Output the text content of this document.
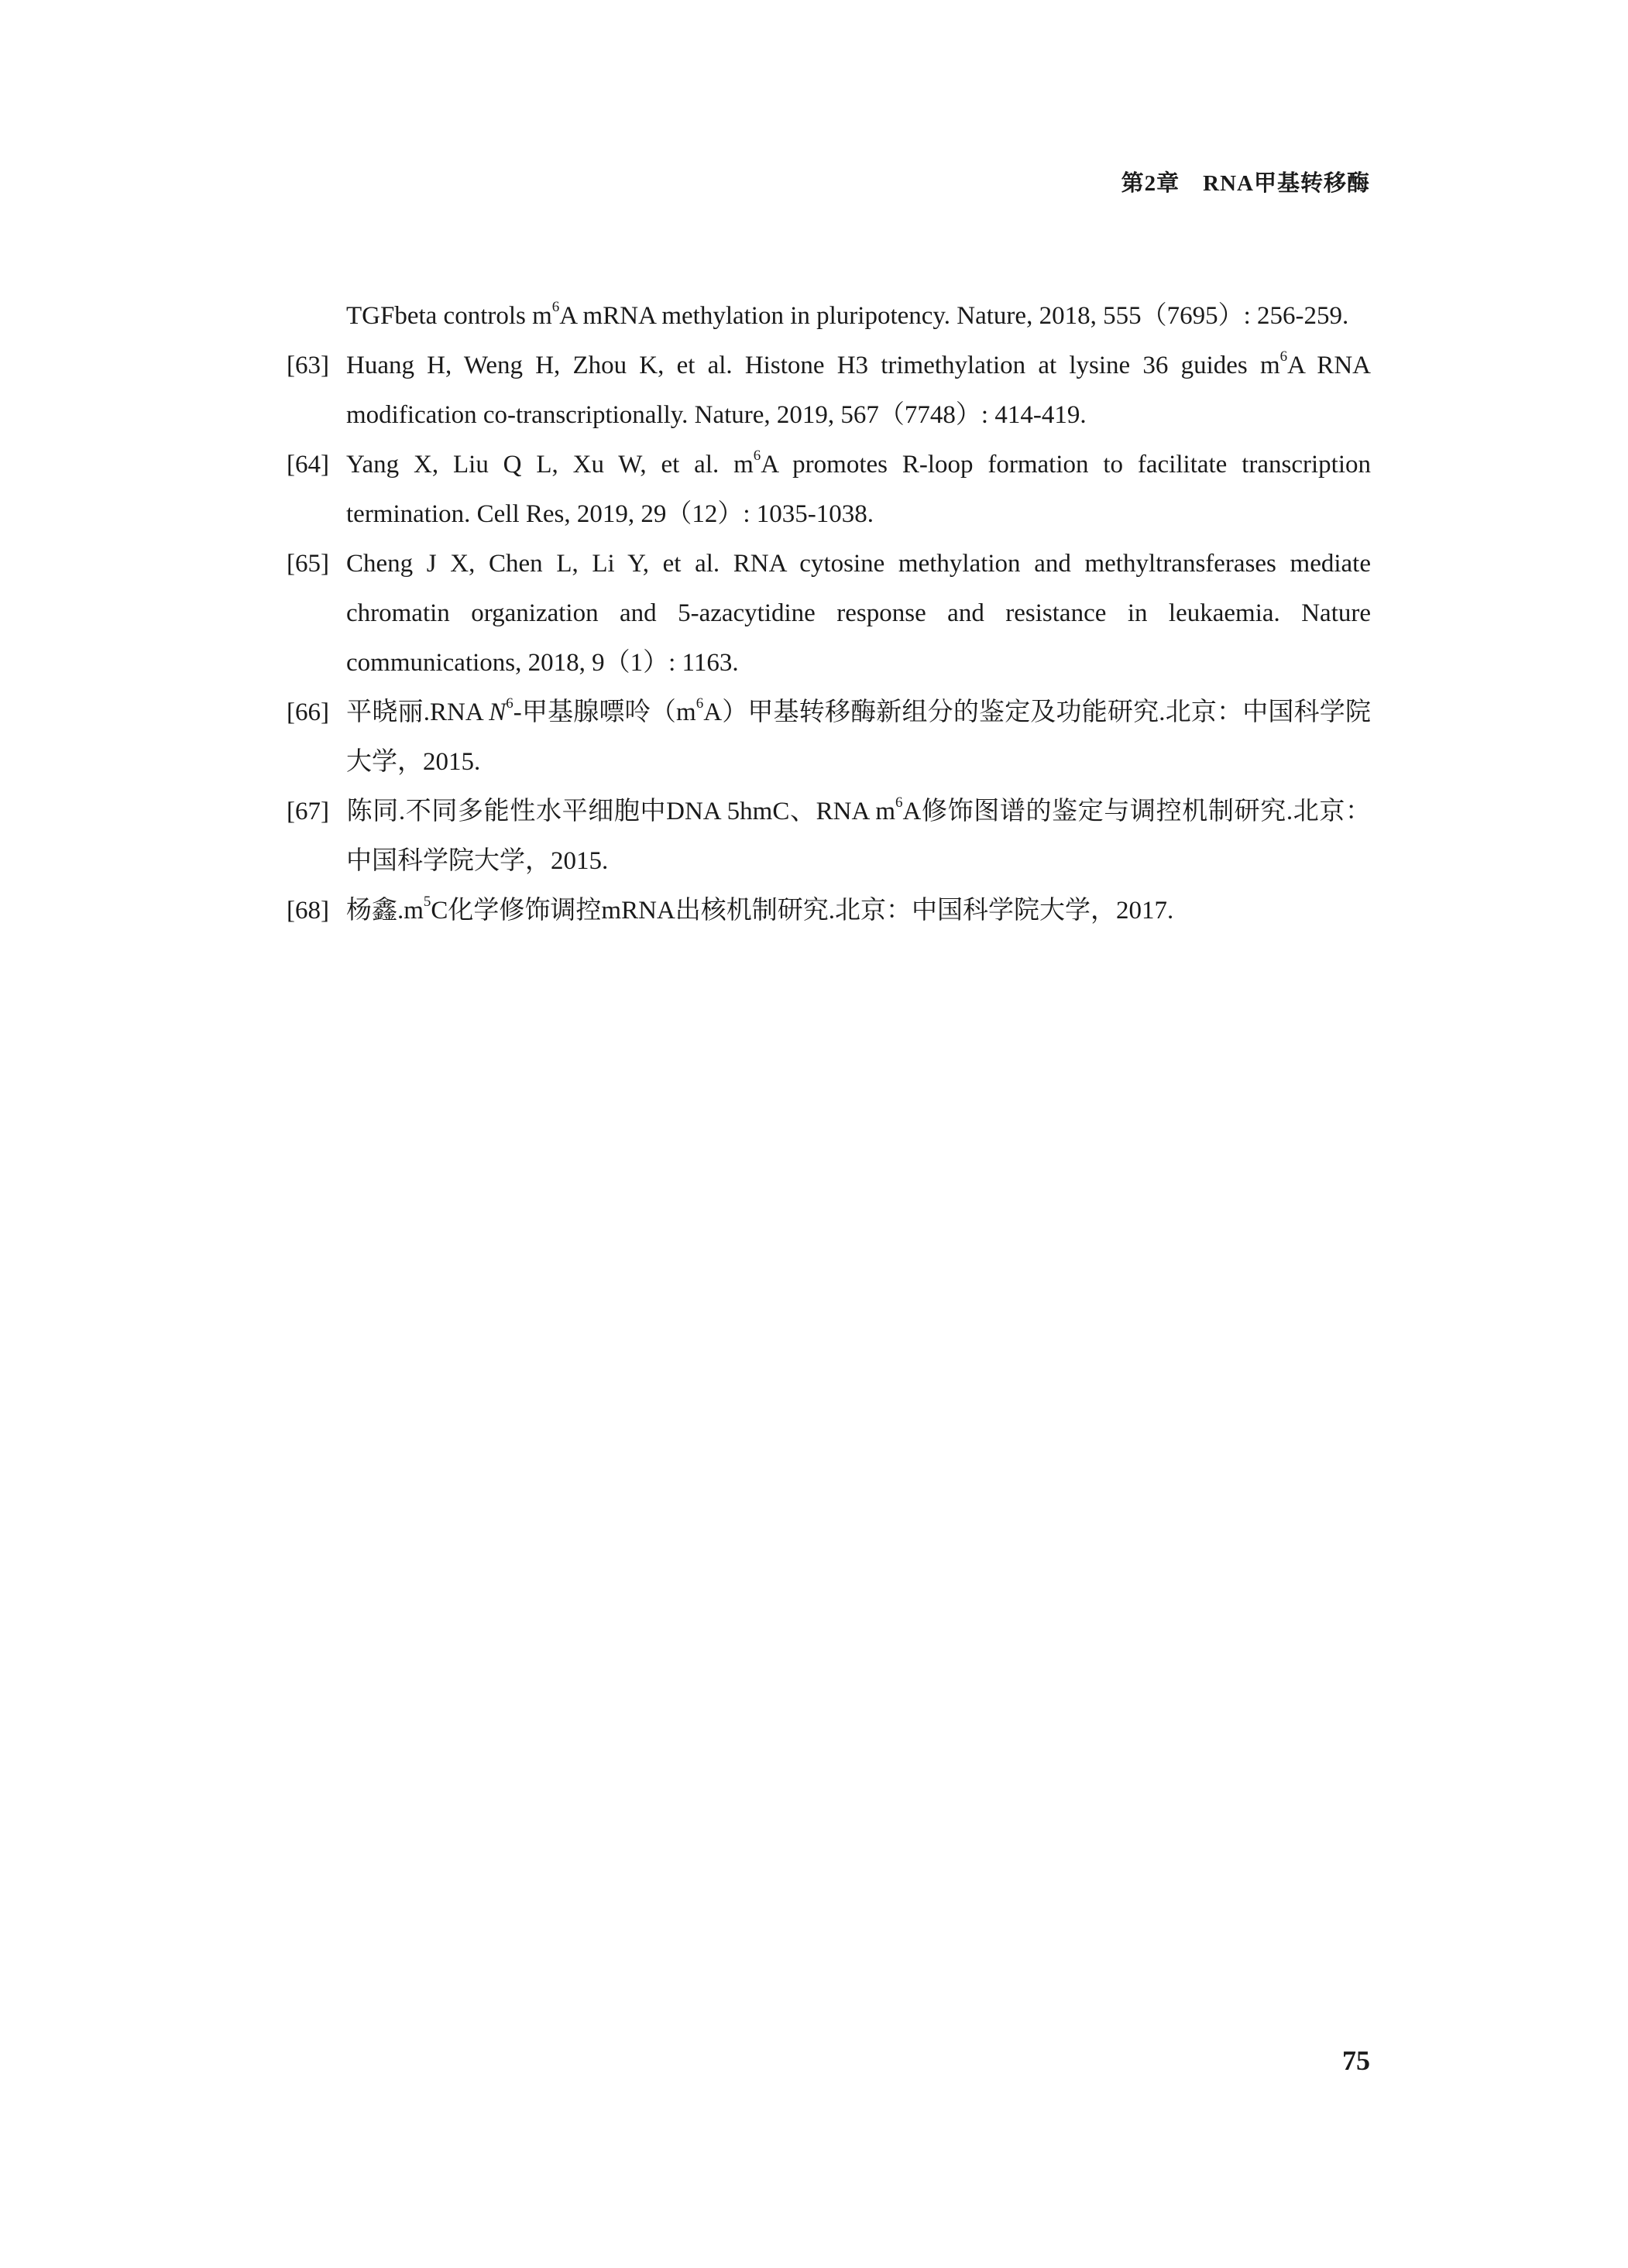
第2章　RNA甲基转移酶

TGFbeta controls $m^6A$ mRNA methylation in pluripotency. Nature, 2018, 555（7695）: 256-259.

[63] Huang H, Weng H, Zhou K, et al. Histone H3 trimethylation at lysine 36 guides $m^6A$ RNA modification co-transcriptionally. Nature, 2019, 567（7748）: 414-419.

[64] Yang X, Liu Q L, Xu W, et al. $m^6A$ promotes R-loop formation to facilitate transcription termination. Cell Res, 2019, 29（12）: 1035-1038.

[65] Cheng J X, Chen L, Li Y, et al. RNA cytosine methylation and methyltransferases mediate chromatin organization and 5-azacytidine response and resistance in leukaemia. Nature communications, 2018, 9（1）: 1163.

[66] 平晓丽.RNA $N^6-$甲基腺嘌呤$(m^6A)$甲基转移酶新组分的鉴定及功能研究.北京：中国科学院大学，2015.

[67] 陈同.不同多能性水平细胞中DNA 5hmC、RNA $m^6A$修饰图谱的鉴定与调控机制研究.北京：中国科学院大学，2015.

[68] 杨鑫$.m^5C$化学修饰调控mRNA出核机制研究.北京：中国科学院大学，2017.

75
